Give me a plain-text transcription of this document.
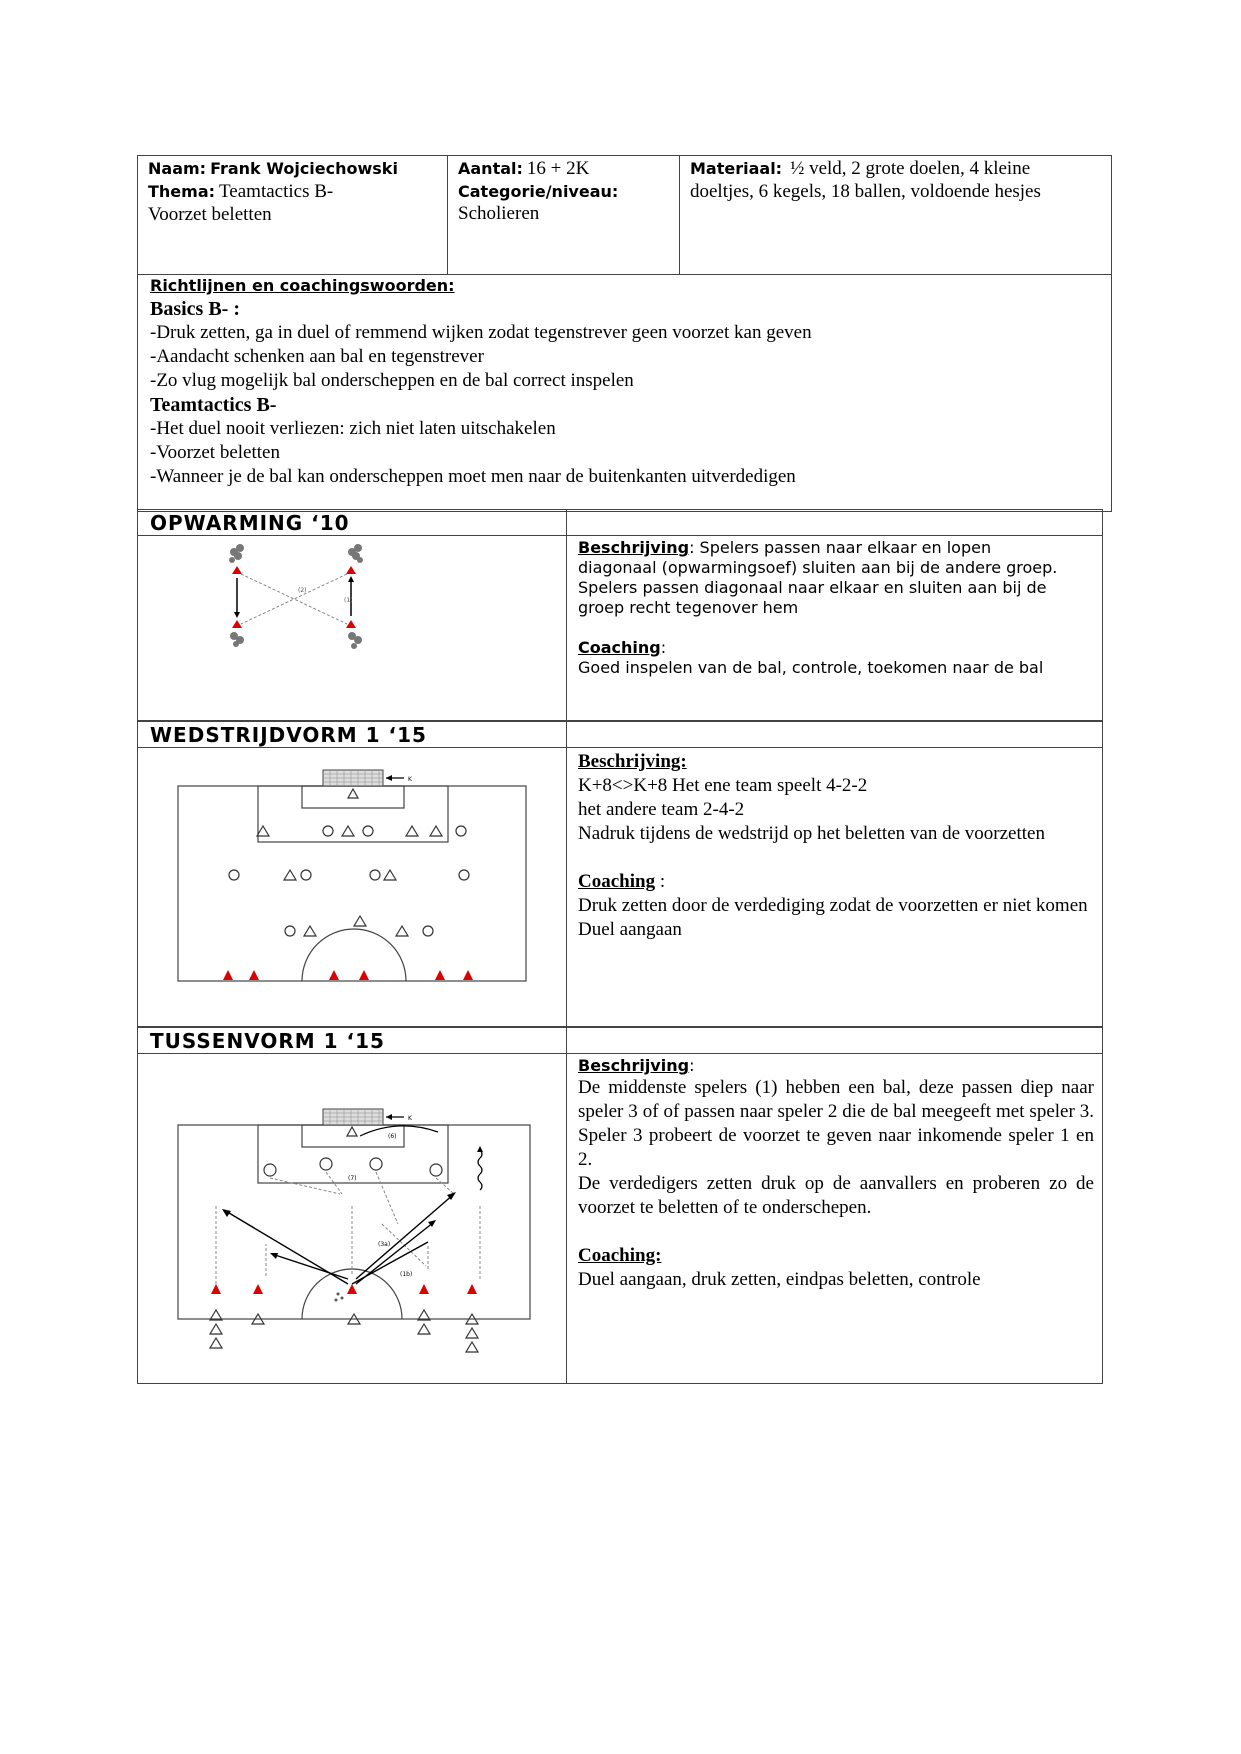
Naam: Frank Wojciechowski
Thema: Teamtactics B-
Voorzet beletten
Aantal: 16 + 2K
Categorie/niveau:
Scholieren
Materiaal: ½ veld, 2 grote doelen, 4 kleine
doeltjes, 6 kegels, 18 ballen, voldoende hesjes
Richtlijnen en coachingswoorden:
Basics B- :
-Druk zetten, ga in duel of remmend wijken zodat tegenstrever geen voorzet kan geven
-Aandacht schenken aan bal en tegenstrever
-Zo vlug mogelijk bal onderscheppen en de bal correct inspelen
Teamtactics B-
-Het duel nooit verliezen: zich niet laten uitschakelen
-Voorzet beletten
-Wanneer je de bal kan onderscheppen moet men naar de buitenkanten uitverdedigen
OPWARMING ‘10
(2)
(1)
Beschrijving: Spelers passen naar elkaar en lopen
diagonaal (opwarmingsoef) sluiten aan bij de andere groep.
Spelers passen diagonaal naar elkaar en sluiten aan bij de
groep recht tegenover hem
Coaching:
Goed inspelen van de bal, controle, toekomen naar de bal
WEDSTRIJDVORM 1 ‘15
K
Beschrijving:
K+8<>K+8 Het ene team speelt 4-2-2
het andere team 2-4-2
Nadruk tijdens de wedstrijd op het beletten van de voorzetten
Coaching :
Druk zetten door de verdediging zodat de voorzetten er niet komen
Duel aangaan
TUSSENVORM 1 ‘15
K
(6)
(7)
(3a)
(1b)
Beschrijving:
De middenste spelers (1) hebben een bal, deze passen diep naar speler 3 of of passen naar speler 2 die de bal meegeeft met speler 3. Speler 3 probeert de voorzet te geven naar inkomende speler 1 en 2.
De verdedigers zetten druk op de aanvallers en proberen zo de voorzet te beletten of te onderschepen.
Coaching:
Duel aangaan, druk zetten, eindpas beletten, controle
